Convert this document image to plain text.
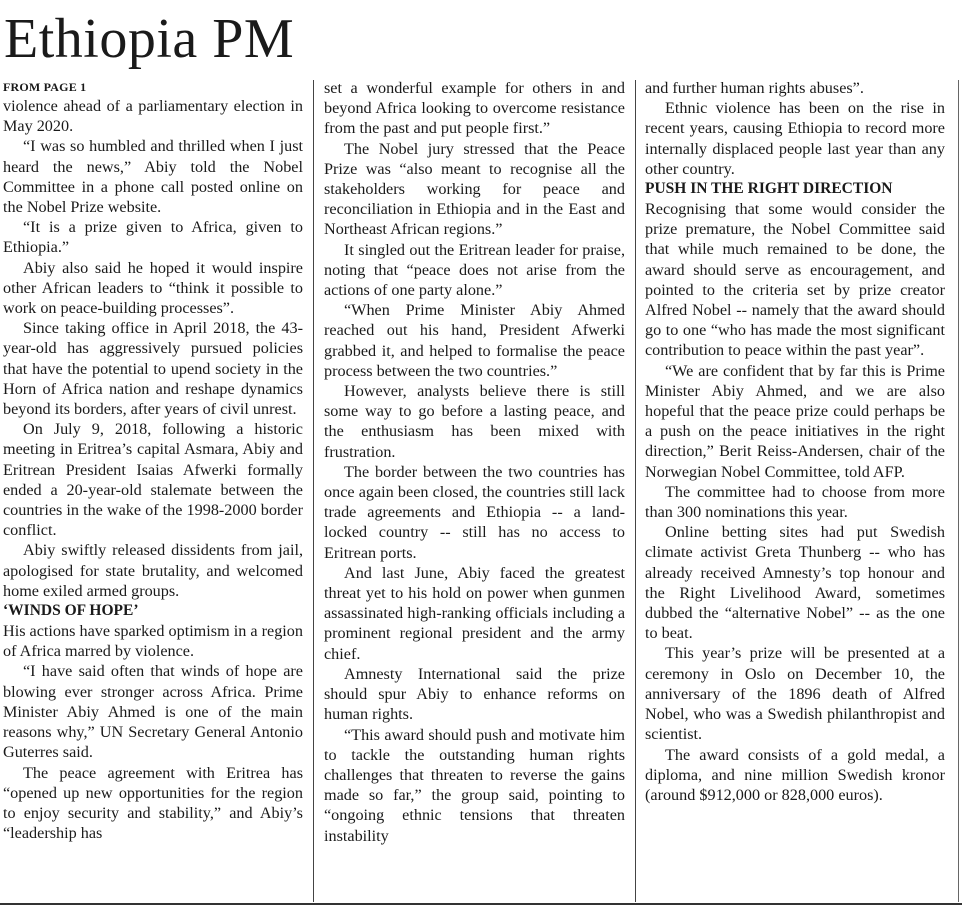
Ethiopia PM
FROM PAGE 1

violence ahead of a parliamentary election in May 2020.

“I was so humbled and thrilled when I just heard the news,” Abiy told the Nobel Committee in a phone call posted online on the Nobel Prize website.

“It is a prize given to Africa, given to Ethiopia.”

Abiy also said he hoped it would inspire other African leaders to “think it possible to work on peace-building processes”.

Since taking office in April 2018, the 43-year-old has aggressively pursued policies that have the potential to upend society in the Horn of Africa nation and reshape dynamics beyond its borders, after years of civil unrest.

On July 9, 2018, following a historic meeting in Eritrea’s capital Asmara, Abiy and Eritrean President Isaias Afwerki formally ended a 20-year-old stalemate between the countries in the wake of the 1998-2000 border conflict.

Abiy swiftly released dissidents from jail, apologised for state brutality, and welcomed home exiled armed groups.

‘WINDS OF HOPE’

His actions have sparked optimism in a region of Africa marred by violence.

“I have said often that winds of hope are blowing ever stronger across Africa. Prime Minister Abiy Ahmed is one of the main reasons why,” UN Secretary General Antonio Guterres said.

The peace agreement with Eritrea has “opened up new opportunities for the region to enjoy security and stability,” and Abiy’s “leadership has

set a wonderful example for others in and beyond Africa looking to overcome resistance from the past and put people first.”

The Nobel jury stressed that the Peace Prize was “also meant to recognise all the stakeholders working for peace and reconciliation in Ethiopia and in the East and Northeast African regions.”

It singled out the Eritrean leader for praise, noting that “peace does not arise from the actions of one party alone.”

“When Prime Minister Abiy Ahmed reached out his hand, President Afwerki grabbed it, and helped to formalise the peace process between the two countries.”

However, analysts believe there is still some way to go before a lasting peace, and the enthusiasm has been mixed with frustration.

The border between the two countries has once again been closed, the countries still lack trade agreements and Ethiopia -- a land-locked country -- still has no access to Eritrean ports.

And last June, Abiy faced the greatest threat yet to his hold on power when gunmen assassinated high-ranking officials including a prominent regional president and the army chief.

Amnesty International said the prize should spur Abiy to enhance reforms on human rights.

“This award should push and motivate him to tackle the outstanding human rights challenges that threaten to reverse the gains made so far,” the group said, pointing to “ongoing ethnic tensions that threaten instability

and further human rights abuses”.

Ethnic violence has been on the rise in recent years, causing Ethiopia to record more internally displaced people last year than any other country.

PUSH IN THE RIGHT DIRECTION

Recognising that some would consider the prize premature, the Nobel Committee said that while much remained to be done, the award should serve as encouragement, and pointed to the criteria set by prize creator Alfred Nobel -- namely that the award should go to one “who has made the most significant contribution to peace within the past year”.

“We are confident that by far this is Prime Minister Abiy Ahmed, and we are also hopeful that the peace prize could perhaps be a push on the peace initiatives in the right direction,” Berit Reiss-Andersen, chair of the Norwegian Nobel Committee, told AFP.

The committee had to choose from more than 300 nominations this year.

Online betting sites had put Swedish climate activist Greta Thunberg -- who has already received Amnesty’s top honour and the Right Livelihood Award, sometimes dubbed the “alternative Nobel” -- as the one to beat.

This year’s prize will be presented at a ceremony in Oslo on December 10, the anniversary of the 1896 death of Alfred Nobel, who was a Swedish philanthropist and scientist.

The award consists of a gold medal, a diploma, and nine million Swedish kronor (around $912,000 or 828,000 euros).
